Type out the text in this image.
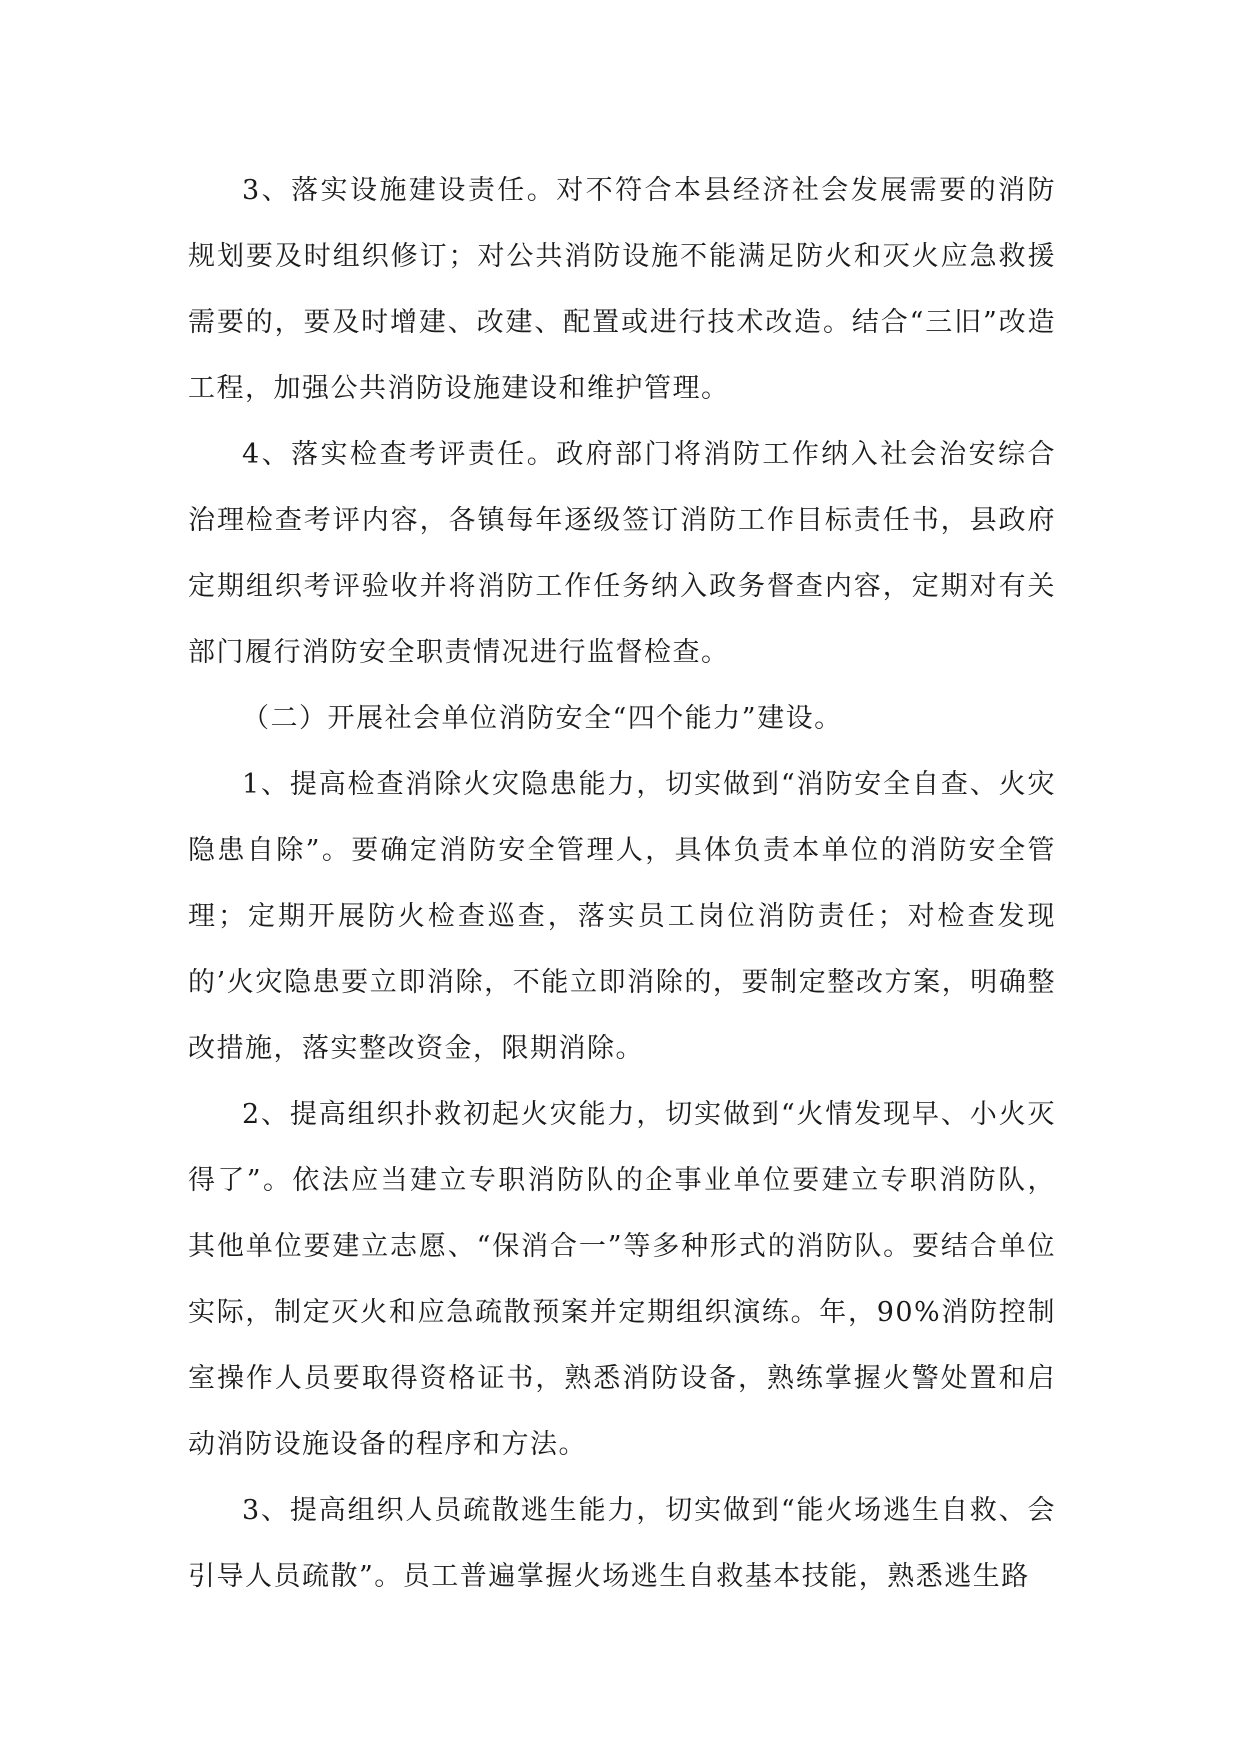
3、落实设施建设责任。对不符合本县经济社会发展需要的消防规划要及时组织修订；对公共消防设施不能满足防火和灭火应急救援需要的，要及时增建、改建、配置或进行技术改造。结合“三旧”改造工程，加强公共消防设施建设和维护管理。

4、落实检查考评责任。政府部门将消防工作纳入社会治安综合治理检查考评内容，各镇每年逐级签订消防工作目标责任书，县政府定期组织考评验收并将消防工作任务纳入政务督查内容，定期对有关部门履行消防安全职责情况进行监督检查。

（二）开展社会单位消防安全“四个能力”建设。

1、提高检查消除火灾隐患能力，切实做到“消防安全自查、火灾隐患自除”。要确定消防安全管理人，具体负责本单位的消防安全管理；定期开展防火检查巡查，落实员工岗位消防责任；对检查发现的’火灾隐患要立即消除，不能立即消除的，要制定整改方案，明确整改措施，落实整改资金，限期消除。

2、提高组织扑救初起火灾能力，切实做到“火情发现早、小火灭得了”。依法应当建立专职消防队的企事业单位要建立专职消防队，其他单位要建立志愿、“保消合一”等多种形式的消防队。要结合单位实际，制定灭火和应急疏散预案并定期组织演练。年，90%消防控制室操作人员要取得资格证书，熟悉消防设备，熟练掌握火警处置和启动消防设施设备的程序和方法。

3、提高组织人员疏散逃生能力，切实做到“能火场逃生自救、会引导人员疏散”。员工普遍掌握火场逃生自救基本技能，熟悉逃生路
